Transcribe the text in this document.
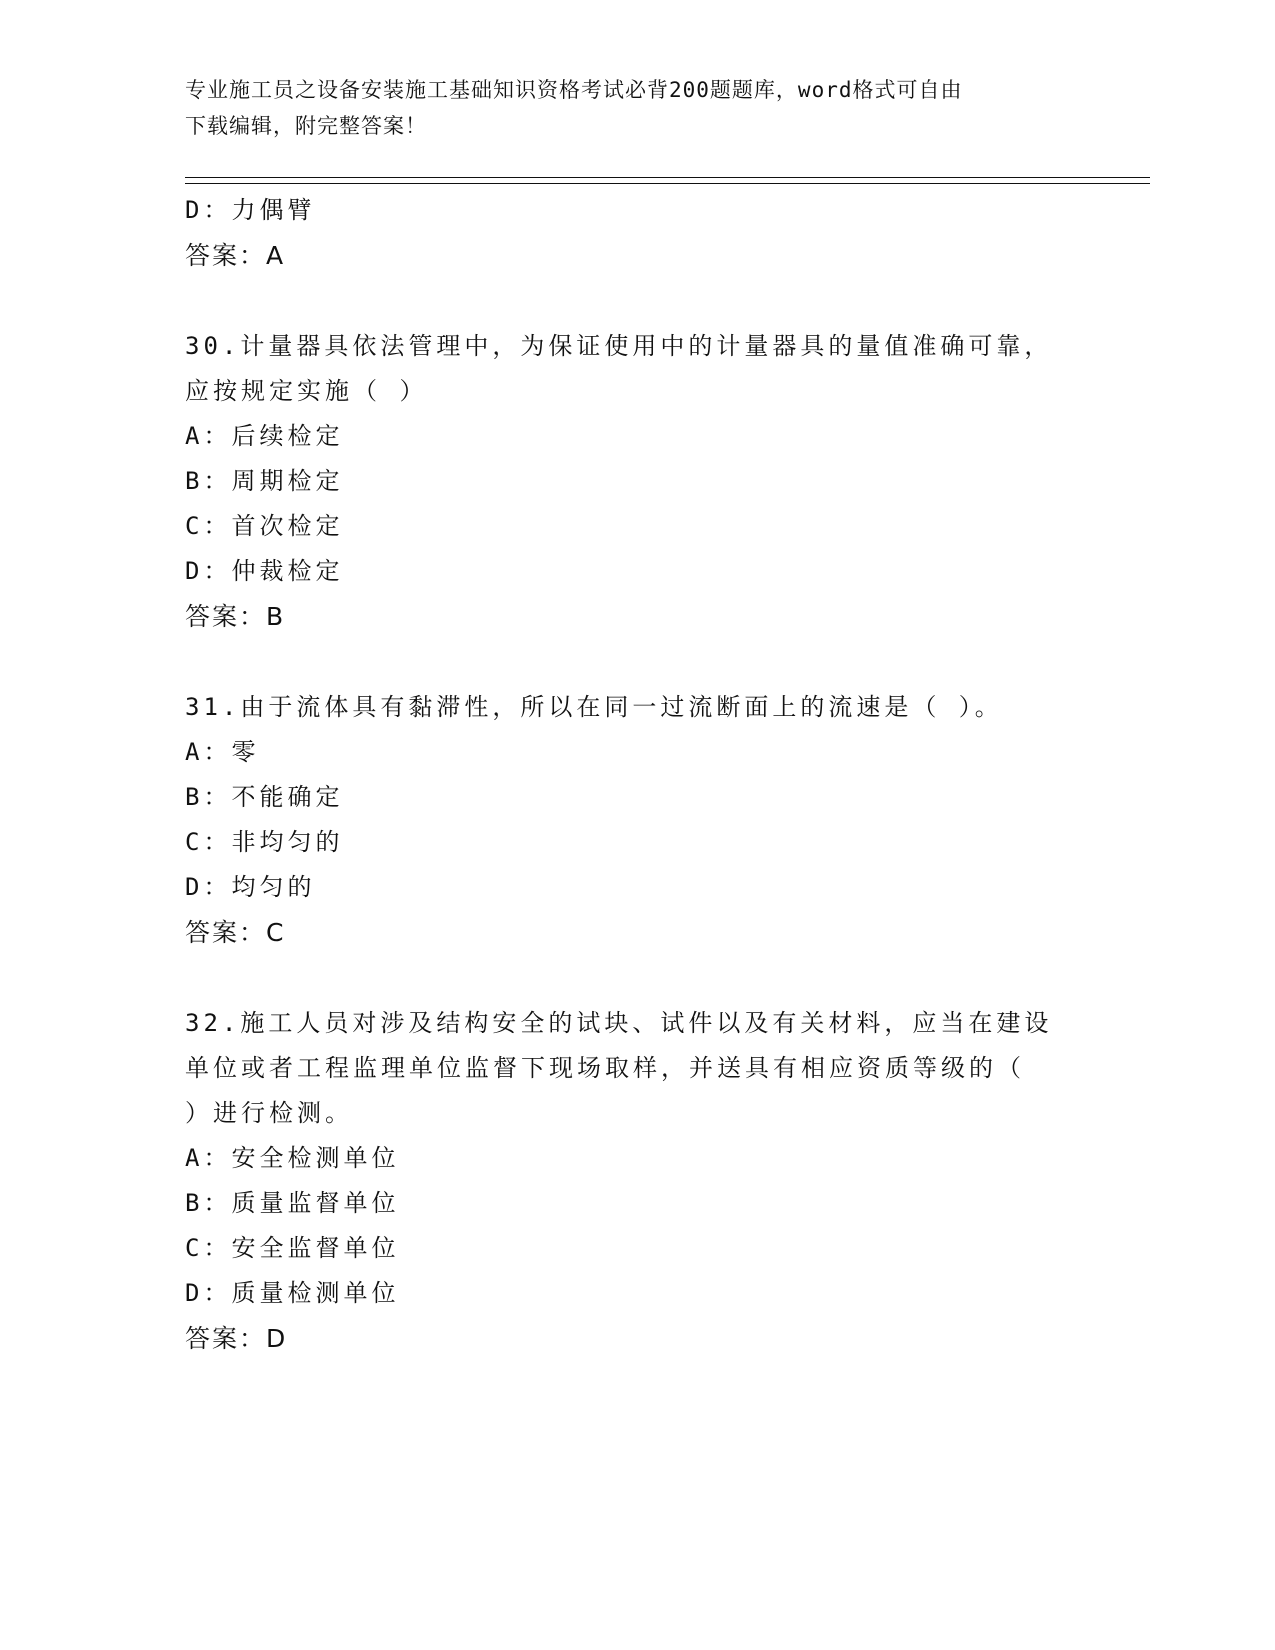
专业施工员之设备安装施工基础知识资格考试必背200题题库，word格式可自由
下载编辑，附完整答案！
D：力偶臂
答案：A
30.计量器具依法管理中，为保证使用中的计量器具的量值准确可靠，
应按规定实施（ ）
A：后续检定
B：周期检定
C：首次检定
D：仲裁检定
答案：B
31.由于流体具有黏滞性，所以在同一过流断面上的流速是（ ）。
A：零
B：不能确定
C：非均匀的
D：均匀的
答案：C
32.施工人员对涉及结构安全的试块、试件以及有关材料，应当在建设
单位或者工程监理单位监督下现场取样，并送具有相应资质等级的（
）进行检测。
A：安全检测单位
B：质量监督单位
C：安全监督单位
D：质量检测单位
答案：D
